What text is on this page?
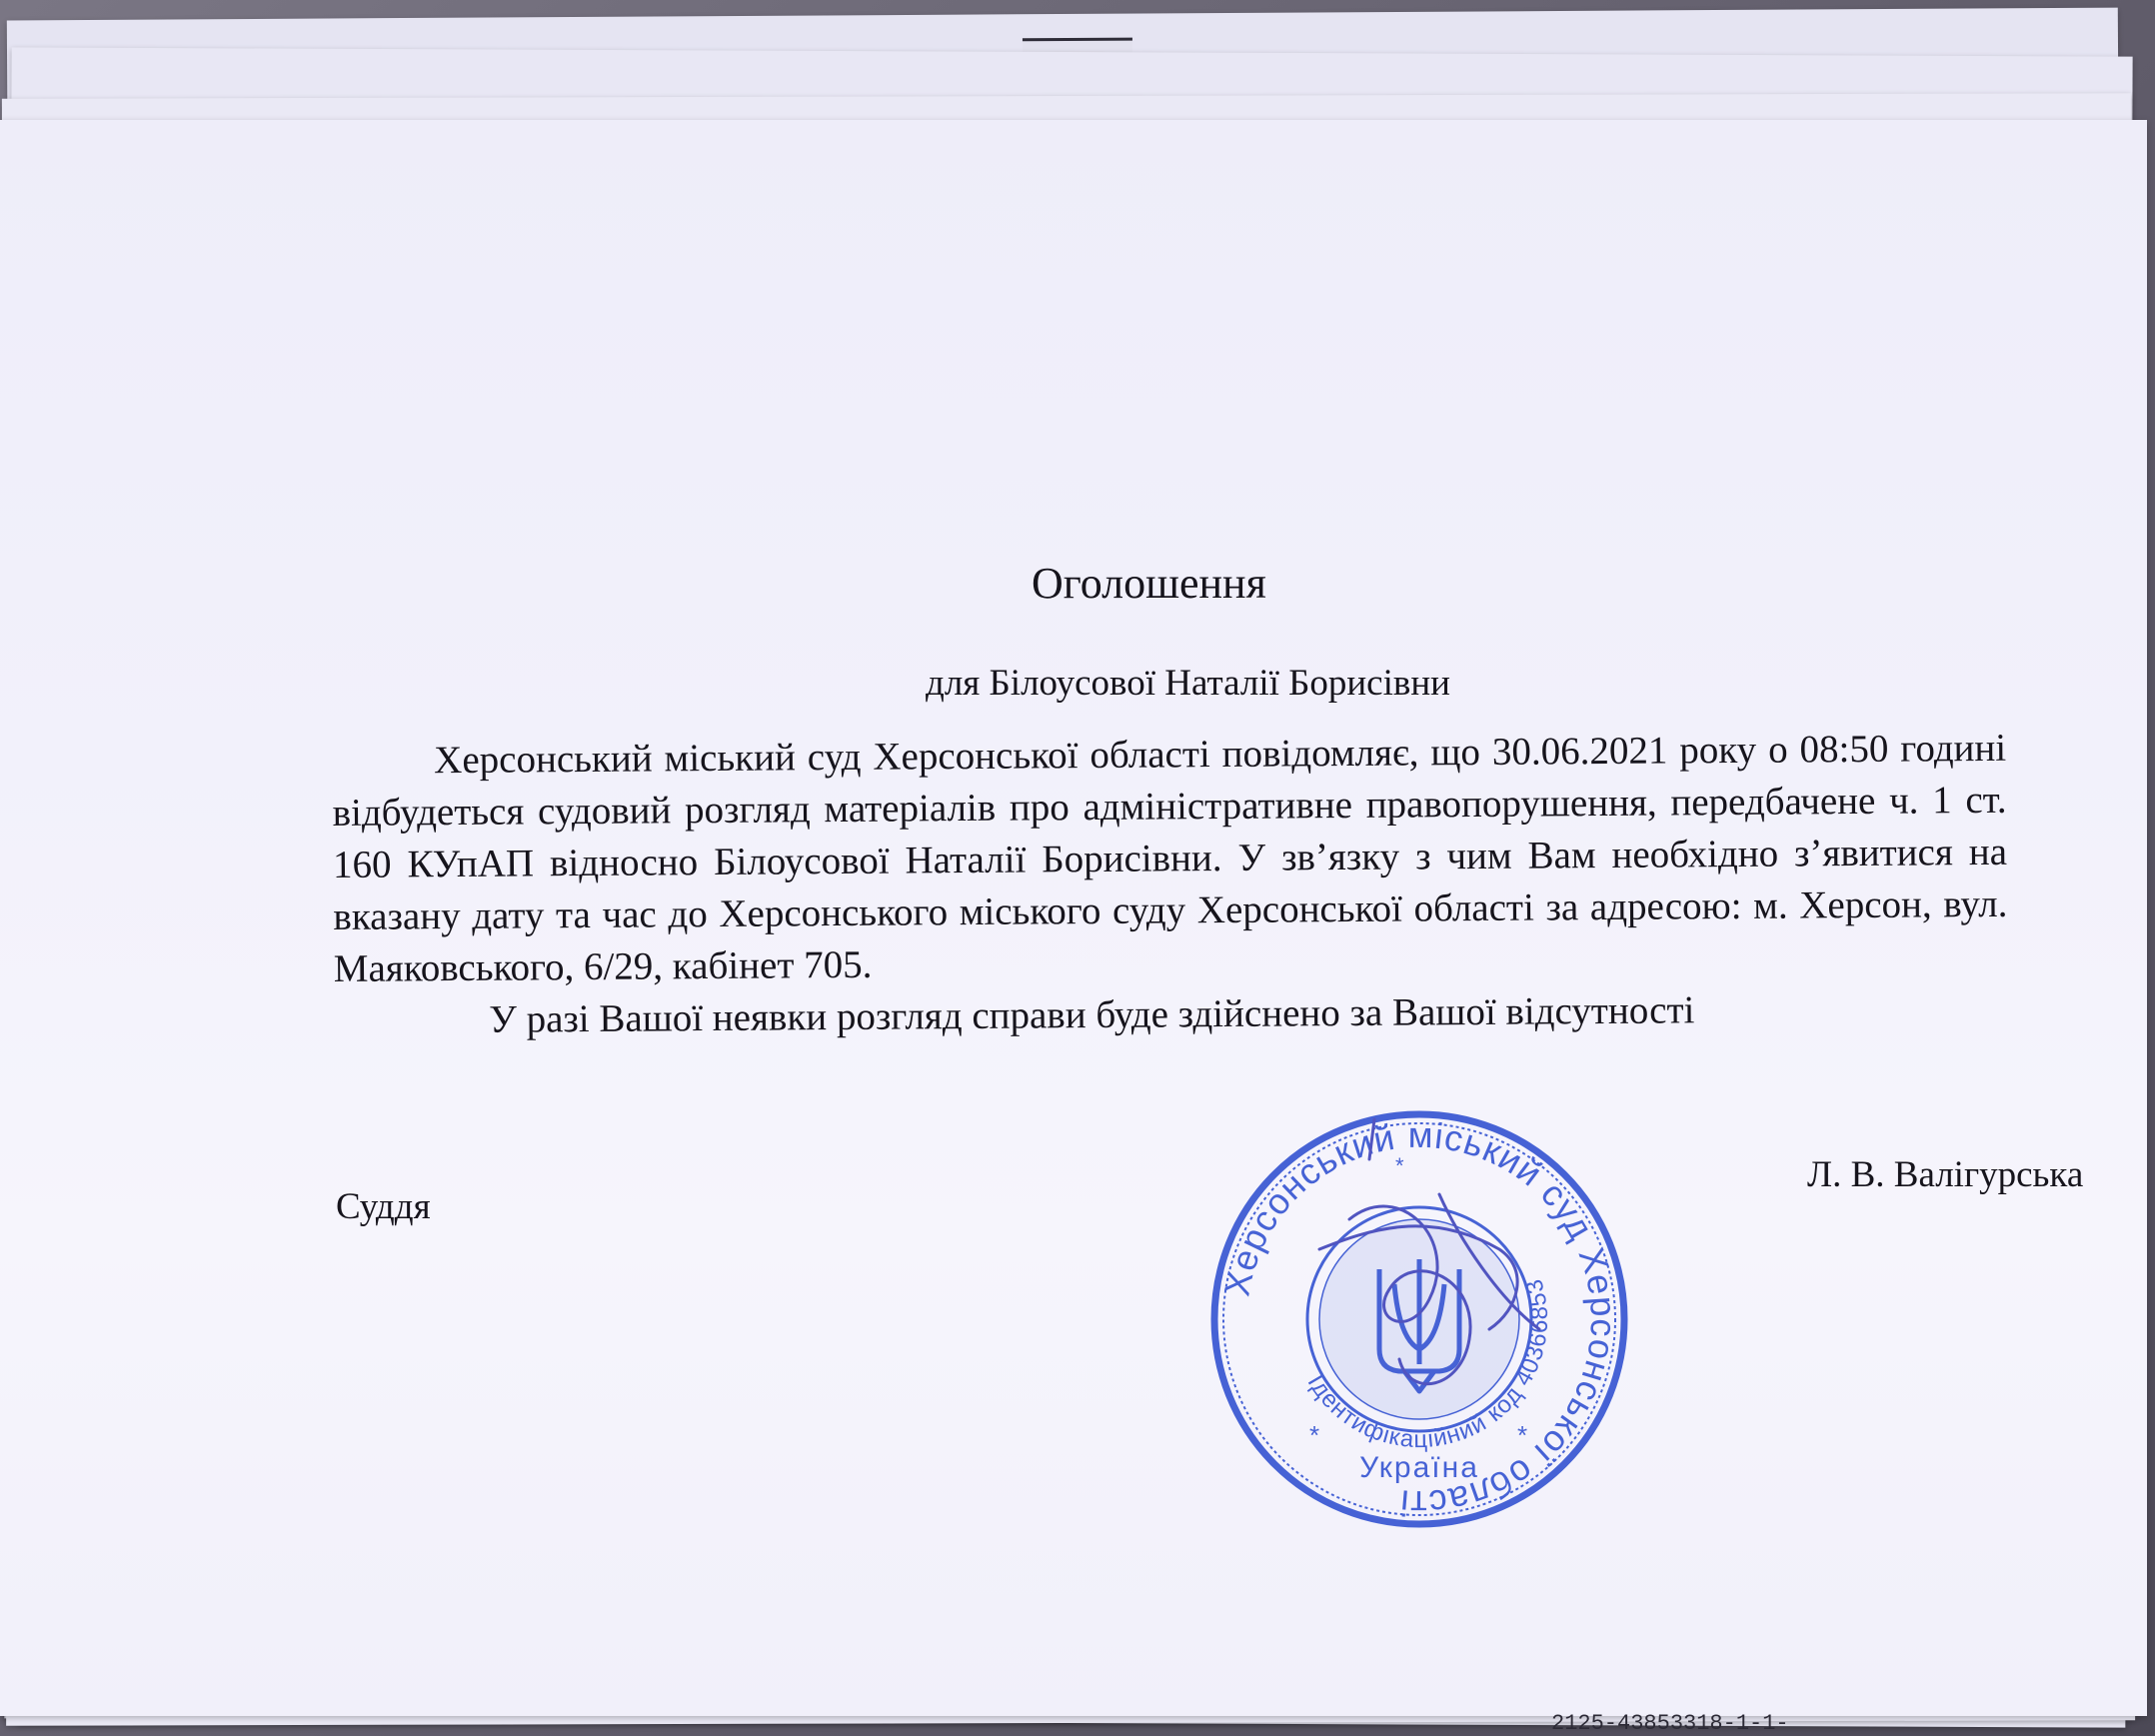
Оголошення
для Білоусової Наталії Борисівни

Херсонський міський суд Херсонської області повідомляє, що 30.06.2021 року о 08:50 годині відбудеться судовий розгляд матеріалів про адміністративне правопорушення, передбачене ч. 1 ст. 160 КУпАП відносно Білоусової Наталії Борисівни. У зв’язку з чим Вам необхідно з’явитися на вказану дату та час до Херсонського міського суду Херсонської області за адресою: м. Херсон, вул. Маяковського, 6/29, кабінет 705.

У разі Вашої неявки розгляд справи буде здійснено за Вашої відсутності

Суддя
Л. В. Валігурська
Херсонський міський суд Херсонської області
Ідентифікаційний код 40366853
Україна
*	*
*
2125-43853318-1-1-
